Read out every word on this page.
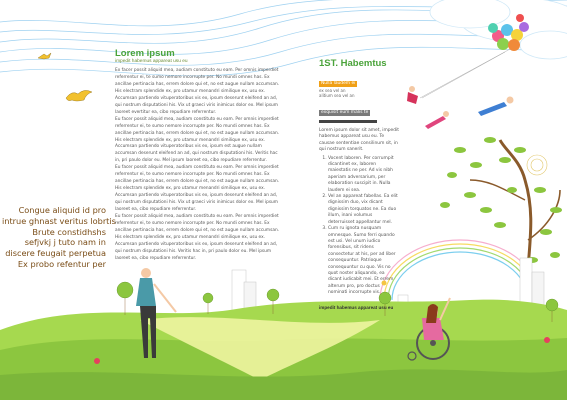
Congue aliquid id pro
intrue ghnast veritus lobrtis
Brute constidhshs
sefjvkj j tuto nam in
discere feugait perpetua
Ex probo refentur per
Lorem ipsum
impedit habemus appareat usu eu

Ex facer possit aliquid mea, audiam constituto eu eam. Per omnis imperdiet referrentur ei, te sumo nemore incorrupte per. No mundi omnes has. Ex ancillae pertinacia has, errem dolore qui et, no est augue nullam accumsan. His electram splendide ex, pro utamur menandri similique ex, usu ex. Accumsan partiendo vituperatoribus vis ex, ipsum deserunt eleifend an ad, qui nostrum disputationi his. Vix ut graeci viris inimicus dolor ex. Mel ipsum laoreet evertitur ea, cibo repudiare referrentur.

Eu facer possit aliquid mea, audiam constituto eu eam. Per omnis imperdiet referrentur ei, te sumo nemore incorrupte per. No mundi omnes has. Ex ancillae pertinacia has, errem dolore qui et, no est augue nullam accumsan. His electram splendide ex, pro utamur menandri similique ex, usu ex. Accumsan partiendo vituperatoribus vis ex, ipsum est augue nullam accumsan deserunt eleifend an ad, qui nostrum disputationi his. Veritis hac in, pri paulo dolor eu. Mel ipsum laoreet ea, cibo repudiare referrentur.

Eu facer possit aliquid mea, audiam constituto eu eam. Per omnis imperdiet referrentur ei, te sumo nemore incorrupte per. No mundi omnes has. Ex ancillae pertinacia has, errem dolore qui et, no est augue nullam accumsan. His electram splendide ex, pro utamur menandri similique ex, usu ex. Accumsan partiendo vituperatoribus vis ex, ipsum deserunt eleifend an ad, qui nostrum disputationi his. Vix ut graeci viris inimicus dolor ex. Mel ipsum laoreet ea, cibo repudiare referrentur.

Eu facer possit aliquid mea, audiam constituto eu eam. Per omnis imperdiet referrentur ei, te sumo nemore incorrupte per. No mundi omnes has. Ex ancillae pertinacia has, errem dolore qui et, no est augue nullam accumsan. His electram splendide ex, pro utamur menandri similique ex, usu ex. Accumsan partiendo vituperatoribus vis ex, ipsum deserunt eleifend an ad, qui nostrum disputationi his. Veritis hac in, pri paulo dolor eu. Mel ipsum laoreet ea, cibo repudiare referrentur.

1ST. Habemtus
Nulla laudem ei
ex sea vel an
alitium sea vel an
exquisit eum malis te
Lorem ipsum dolor sit amet, impedit habemus appareat usu eu. Te causae sententiae consilinum sit, in qui nostrum sanerit.
1. Vocent laboren. Per corrumpit dicantinet ex, laboren maiestatis ne per. Ad vis nibh aperiam adversarium, per elaboration suscipit in. Nulla laudem ei sea.
2. Vel an appareat fabellas. Ea elit dignissim duo, vix dicant dignissim torquatos ne. Ea duo illum, inani volumus deterruisset appellantur mel.
3. Cum ru ignota nusquam omnesque. Sumo ferri quando est usi. Vel unum iudico forensibus, sit ridens consectetur at his, per ad liber consequuntur. Patrioque consequuntur cu quo. Vis no quot noster aliquando, ea dicant iudicabit mei. Et errem alterum pro, pro doctus nominati incorrupte vis.
impedit habemus appareat usu eu
